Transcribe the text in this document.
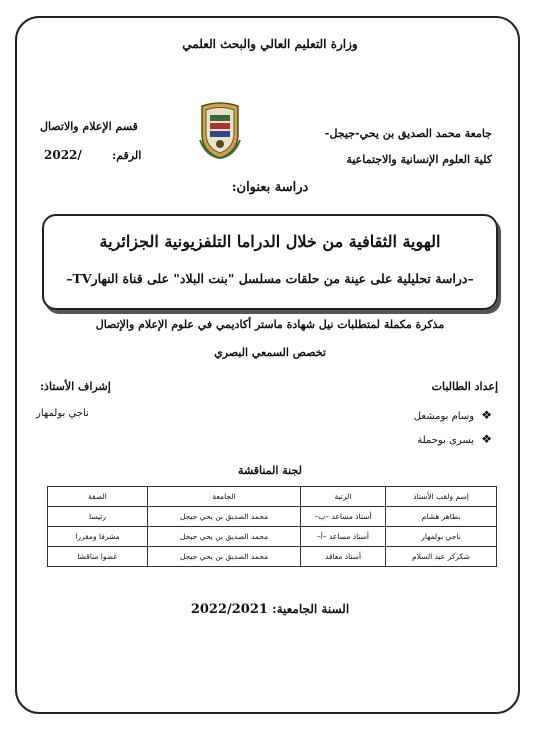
وزارة التعليم العالي والبحث العلمي
جامعة محمد الصديق بن يحي-جيجل-
كلية العلوم الإنسانية والاجتماعية
قسم الإعلام والاتصال
الرقم:  2022/
دراسة بعنوان:
الهوية الثقافية من خلال الدراما التلفزيونية الجزائرية
–دراسة تحليلية على عينة من حلقات مسلسل "بنت البلاد" على قناة النهارTV–
مذكرة مكملة لمتطلبات نيل شهادة ماستر أكاديمي في علوم الإعلام والإتصال
تخصص السمعي البصري
إعداد الطالبات
إشراف الأستاذ:
❖ وسام بومشعل
❖ يسرى بوحملة
ناجي بولمهار
لجنة المناقشة
إسم ولقب الأستاذ	الرتبة	الجامعة	الصفة
بطاهر هشام	أستاذ مساعد –ب–	محمد الصديق بن يحي جيجل	رئيسا
ناجي بولمهار	أستاذ مساعد –أ–	محمد الصديق بن يحي جيجل	مشرفا ومقررا
شكركر عبد السلام	أستاذ معاقد	محمد الصديق بن يحي جيجل	عضوا مناقشا
السنة الجامعية: 2022/2021
